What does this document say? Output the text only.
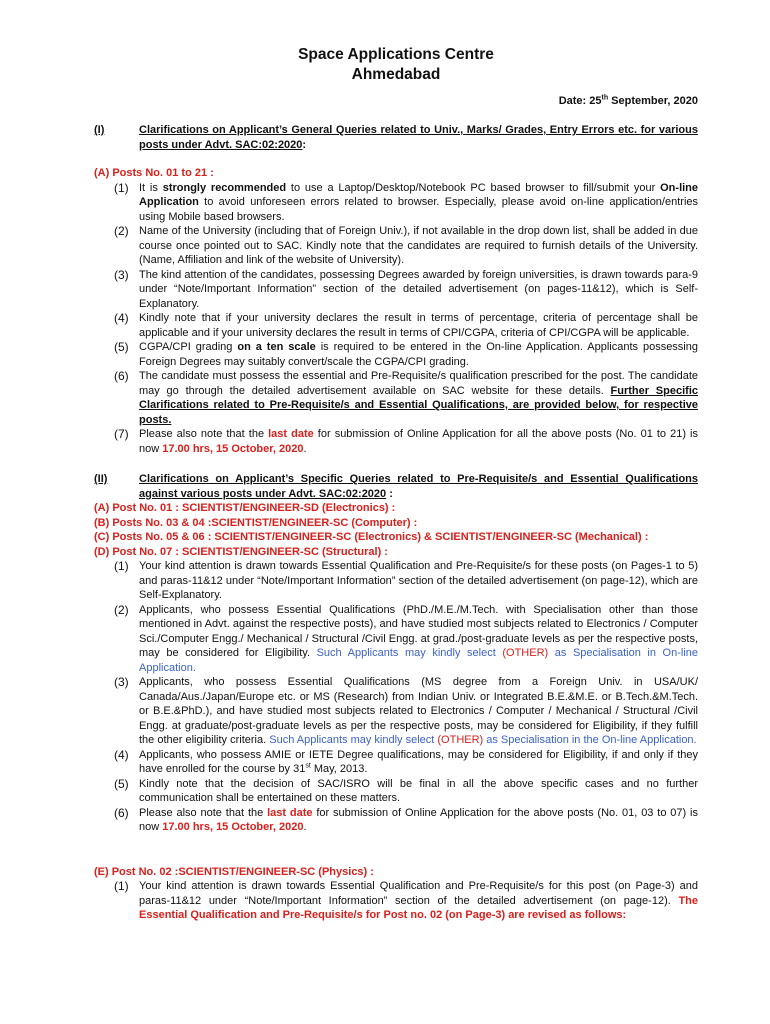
Space Applications Centre
Ahmedabad
Date: 25th September, 2020
(I)	Clarifications on Applicant’s General Queries related to Univ., Marks/ Grades, Entry Errors etc. for various posts under Advt. SAC:02:2020:
(A) Posts No. 01 to 21 :
(1) It is strongly recommended to use a Laptop/Desktop/Notebook PC based browser to fill/submit your On-line Application to avoid unforeseen errors related to browser. Especially, please avoid on-line application/entries using Mobile based browsers.
(2) Name of the University (including that of Foreign Univ.), if not available in the drop down list, shall be added in due course once pointed out to SAC. Kindly note that the candidates are required to furnish details of the University. (Name, Affiliation and link of the website of University).
(3) The kind attention of the candidates, possessing Degrees awarded by foreign universities, is drawn towards para-9 under “Note/Important Information” section of the detailed advertisement (on pages-11&12), which is Self-Explanatory.
(4) Kindly note that if your university declares the result in terms of percentage, criteria of percentage shall be applicable and if your university declares the result in terms of CPI/CGPA, criteria of CPI/CGPA will be applicable.
(5) CGPA/CPI grading on a ten scale is required to be entered in the On-line Application. Applicants possessing Foreign Degrees may suitably convert/scale the CGPA/CPI grading.
(6) The candidate must possess the essential and Pre-Requisite/s qualification prescribed for the post. The candidate may go through the detailed advertisement available on SAC website for these details. Further Specific Clarifications related to Pre-Requisite/s and Essential Qualifications, are provided below, for respective posts.
(7) Please also note that the last date for submission of Online Application for all the above posts (No. 01 to 21) is now 17.00 hrs, 15 October, 2020.
(II)	Clarifications on Applicant’s Specific Queries related to Pre-Requisite/s and Essential Qualifications against various posts under Advt. SAC:02:2020 :
(A) Post No. 01 : SCIENTIST/ENGINEER-SD (Electronics) :
(B) Posts No. 03 & 04 :SCIENTIST/ENGINEER-SC (Computer) :
(C) Posts No. 05 & 06 : SCIENTIST/ENGINEER-SC (Electronics) & SCIENTIST/ENGINEER-SC (Mechanical) :
(D) Post No. 07 : SCIENTIST/ENGINEER-SC (Structural) :
(1) Your kind attention is drawn towards Essential Qualification and Pre-Requisite/s for these posts (on Pages-1 to 5) and paras-11&12 under “Note/Important Information” section of the detailed advertisement (on page-12), which are Self-Explanatory.
(2) Applicants, who possess Essential Qualifications (PhD./M.E./M.Tech. with Specialisation other than those mentioned in Advt. against the respective posts), and have studied most subjects related to Electronics / Computer Sci./Computer Engg./ Mechanical / Structural /Civil Engg. at grad./post-graduate levels as per the respective posts, may be considered for Eligibility. Such Applicants may kindly select (OTHER) as Specialisation in On-line Application.
(3) Applicants, who possess Essential Qualifications (MS degree from a Foreign Univ. in USA/UK/ Canada/Aus./Japan/Europe etc. or MS (Research) from Indian Univ. or Integrated B.E.&M.E. or B.Tech.&M.Tech. or B.E.&PhD.), and have studied most subjects related to Electronics / Computer / Mechanical / Structural /Civil Engg. at graduate/post-graduate levels as per the respective posts, may be considered for Eligibility, if they fulfill the other eligibility criteria. Such Applicants may kindly select (OTHER) as Specialisation in the On-line Application.
(4) Applicants, who possess AMIE or IETE Degree qualifications, may be considered for Eligibility, if and only if they have enrolled for the course by 31st May, 2013.
(5) Kindly note that the decision of SAC/ISRO will be final in all the above specific cases and no further communication shall be entertained on these matters.
(6) Please also note that the last date for submission of Online Application for the above posts (No. 01, 03 to 07) is now 17.00 hrs, 15 October, 2020.
(E) Post No. 02 :SCIENTIST/ENGINEER-SC (Physics) :
(1) Your kind attention is drawn towards Essential Qualification and Pre-Requisite/s for this post (on Page-3) and paras-11&12 under “Note/Important Information” section of the detailed advertisement (on page-12). The Essential Qualification and Pre-Requisite/s for Post no. 02 (on Page-3) are revised as follows:
